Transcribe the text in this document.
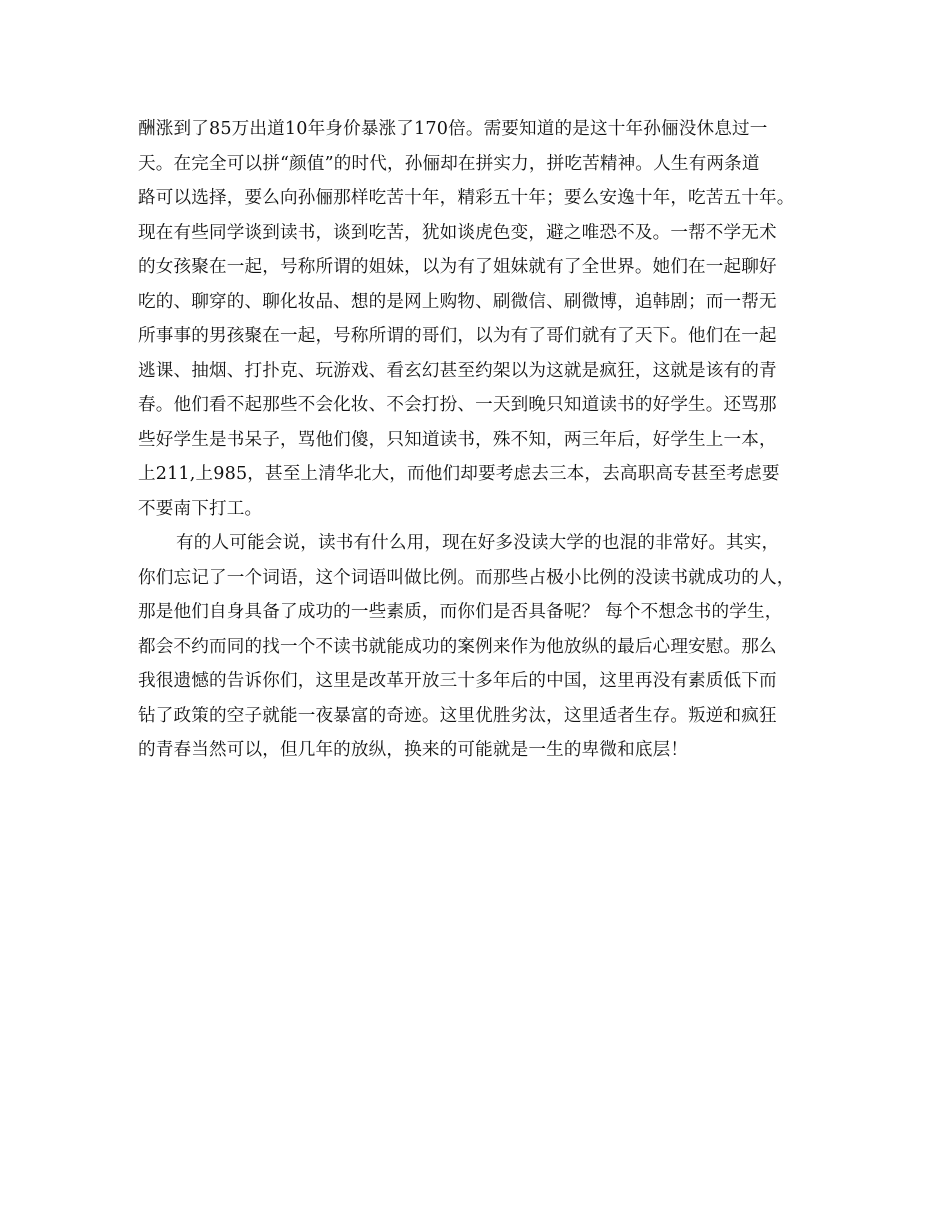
酬涨到了85万出道10年身价暴涨了170倍。需要知道的是这十年孙俪没休息过一
天。在完全可以拼“颜值”的时代，孙俪却在拼实力，拼吃苦精神。人生有两条道
路可以选择，要么向孙俪那样吃苦十年，精彩五十年；要么安逸十年，吃苦五十年。
现在有些同学谈到读书，谈到吃苦，犹如谈虎色变，避之唯恐不及。一帮不学无术
的女孩聚在一起，号称所谓的姐妹，以为有了姐妹就有了全世界。她们在一起聊好
吃的、聊穿的、聊化妆品、想的是网上购物、刷微信、刷微博，追韩剧；而一帮无
所事事的男孩聚在一起，号称所谓的哥们，以为有了哥们就有了天下。他们在一起
逃课、抽烟、打扑克、玩游戏、看玄幻甚至约架以为这就是疯狂，这就是该有的青
春。他们看不起那些不会化妆、不会打扮、一天到晚只知道读书的好学生。还骂那
些好学生是书呆子，骂他们傻，只知道读书，殊不知，两三年后，好学生上一本，
上211,上985，甚至上清华北大，而他们却要考虑去三本，去高职高专甚至考虑要
不要南下打工。
有的人可能会说，读书有什么用，现在好多没读大学的也混的非常好。其实，
你们忘记了一个词语，这个词语叫做比例。而那些占极小比例的没读书就成功的人，
那是他们自身具备了成功的一些素质，而你们是否具备呢？ 每个不想念书的学生，
都会不约而同的找一个不读书就能成功的案例来作为他放纵的最后心理安慰。那么
我很遗憾的告诉你们，这里是改革开放三十多年后的中国，这里再没有素质低下而
钻了政策的空子就能一夜暴富的奇迹。这里优胜劣汰，这里适者生存。叛逆和疯狂
的青春当然可以，但几年的放纵，换来的可能就是一生的卑微和底层！
